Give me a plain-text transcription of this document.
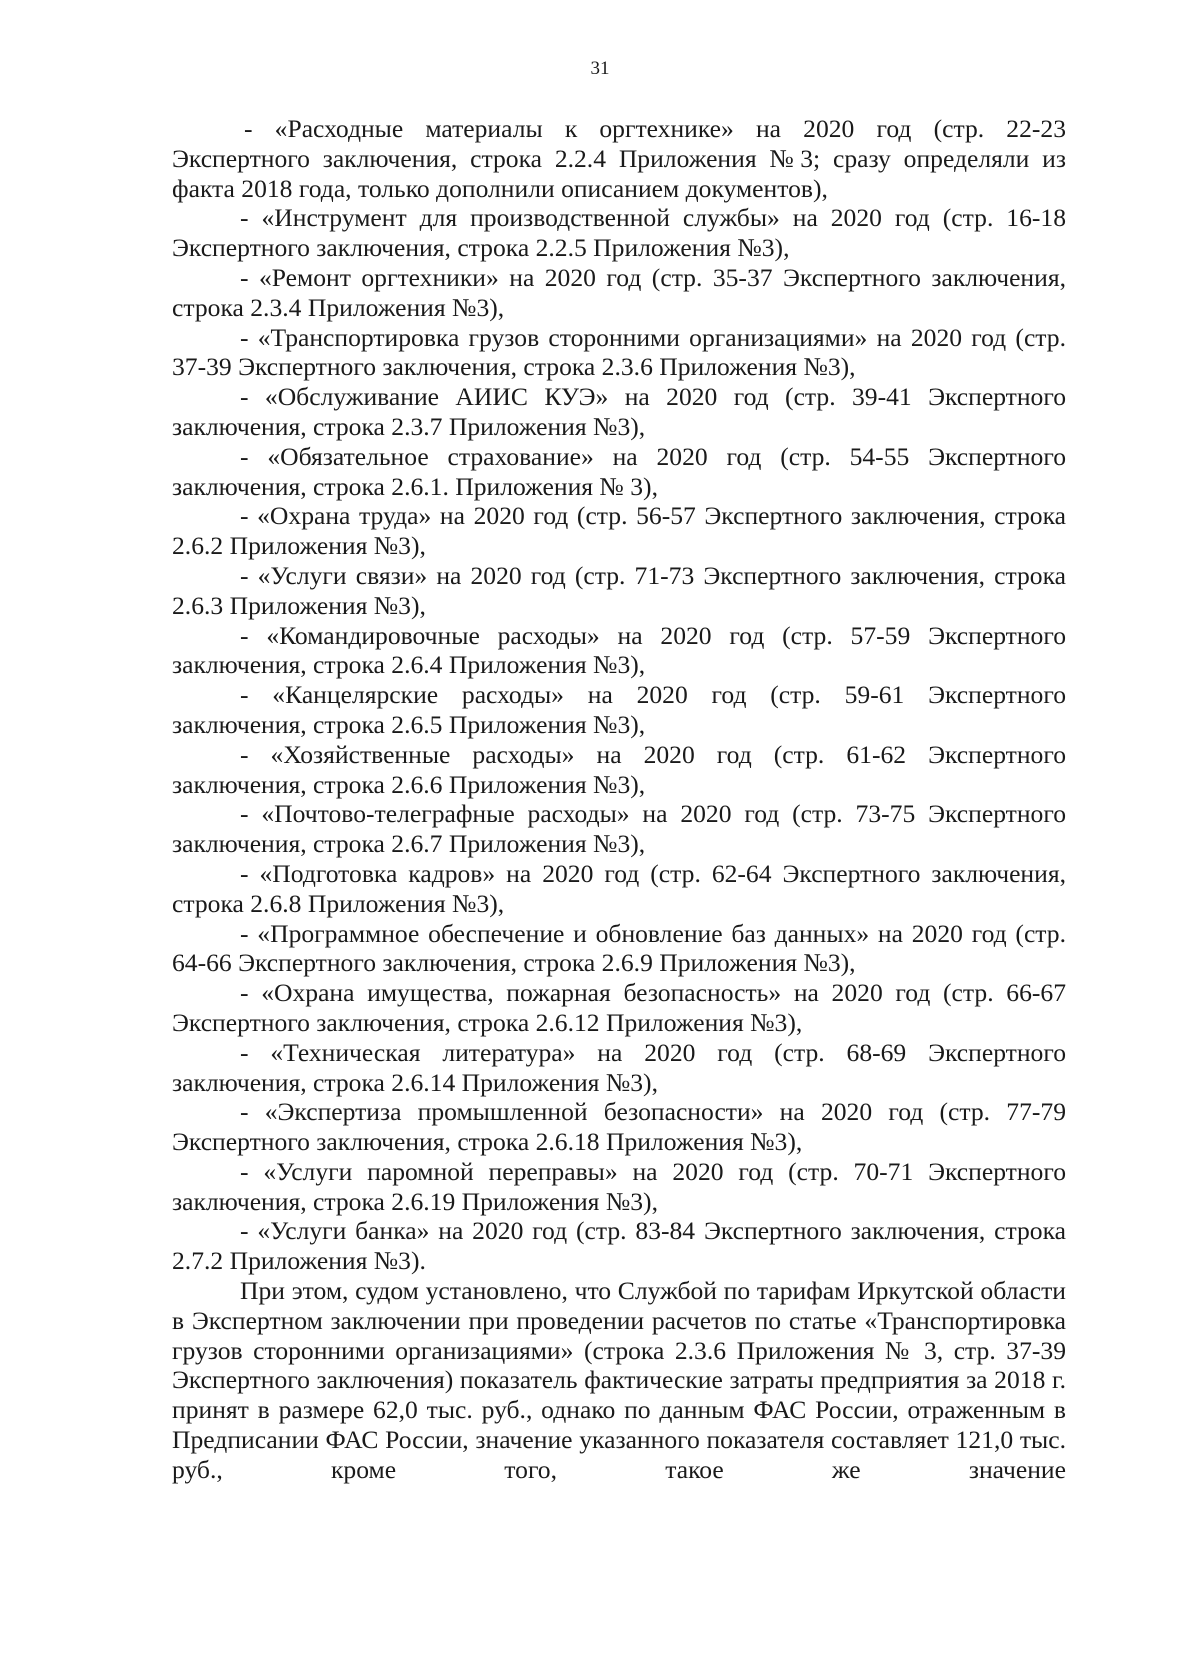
31

- «Расходные материалы к оргтехнике» на 2020 год (стр. 22-23 Экспертного заключения, строка 2.2.4 Приложения №3; сразу определяли из факта 2018 года, только дополнили описанием документов),

- «Инструмент для производственной службы» на 2020 год (стр. 16-18 Экспертного заключения, строка 2.2.5 Приложения №3),

- «Ремонт оргтехники» на 2020 год (стр. 35-37 Экспертного заключения, строка 2.3.4 Приложения №3),

- «Транспортировка грузов сторонними организациями» на 2020 год (стр. 37-39 Экспертного заключения, строка 2.3.6 Приложения №3),

- «Обслуживание АИИС КУЭ» на 2020 год (стр. 39-41 Экспертного заключения, строка 2.3.7 Приложения №3),

- «Обязательное страхование» на 2020 год (стр. 54-55 Экспертного заключения, строка 2.6.1. Приложения № 3),

- «Охрана труда» на 2020 год (стр. 56-57 Экспертного заключения, строка 2.6.2 Приложения №3),

- «Услуги связи» на 2020 год (стр. 71-73 Экспертного заключения, строка 2.6.3 Приложения №3),

- «Командировочные расходы» на 2020 год (стр. 57-59 Экспертного заключения, строка 2.6.4 Приложения №3),

- «Канцелярские расходы» на 2020 год (стр. 59-61 Экспертного заключения, строка 2.6.5 Приложения №3),

- «Хозяйственные расходы» на 2020 год (стр. 61-62 Экспертного заключения, строка 2.6.6 Приложения №3),

- «Почтово-телеграфные расходы» на 2020 год (стр. 73-75 Экспертного заключения, строка 2.6.7 Приложения №3),

- «Подготовка кадров» на 2020 год (стр. 62-64 Экспертного заключения, строка 2.6.8 Приложения №3),

- «Программное обеспечение и обновление баз данных» на 2020 год (стр. 64-66 Экспертного заключения, строка 2.6.9 Приложения №3),

- «Охрана имущества, пожарная безопасность» на 2020 год (стр. 66-67 Экспертного заключения, строка 2.6.12 Приложения №3),

- «Техническая литература» на 2020 год (стр. 68-69 Экспертного заключения, строка 2.6.14 Приложения №3),

- «Экспертиза промышленной безопасности» на 2020 год (стр. 77-79 Экспертного заключения, строка 2.6.18 Приложения №3),

- «Услуги паромной переправы» на 2020 год (стр. 70-71 Экспертного заключения, строка 2.6.19 Приложения №3),

- «Услуги банка» на 2020 год (стр. 83-84 Экспертного заключения, строка 2.7.2 Приложения №3).

При этом, судом установлено, что Службой по тарифам Иркутской области в Экспертном заключении при проведении расчетов по статье «Транспортировка грузов сторонними организациями» (строка 2.3.6 Приложения № 3, стр. 37-39 Экспертного заключения) показатель фактические затраты предприятия за 2018 г. принят в размере 62,0 тыс. руб., однако по данным ФАС России, отраженным в Предписании ФАС России, значение указанного показателя составляет 121,0 тыс. руб., кроме того, такое же значение
